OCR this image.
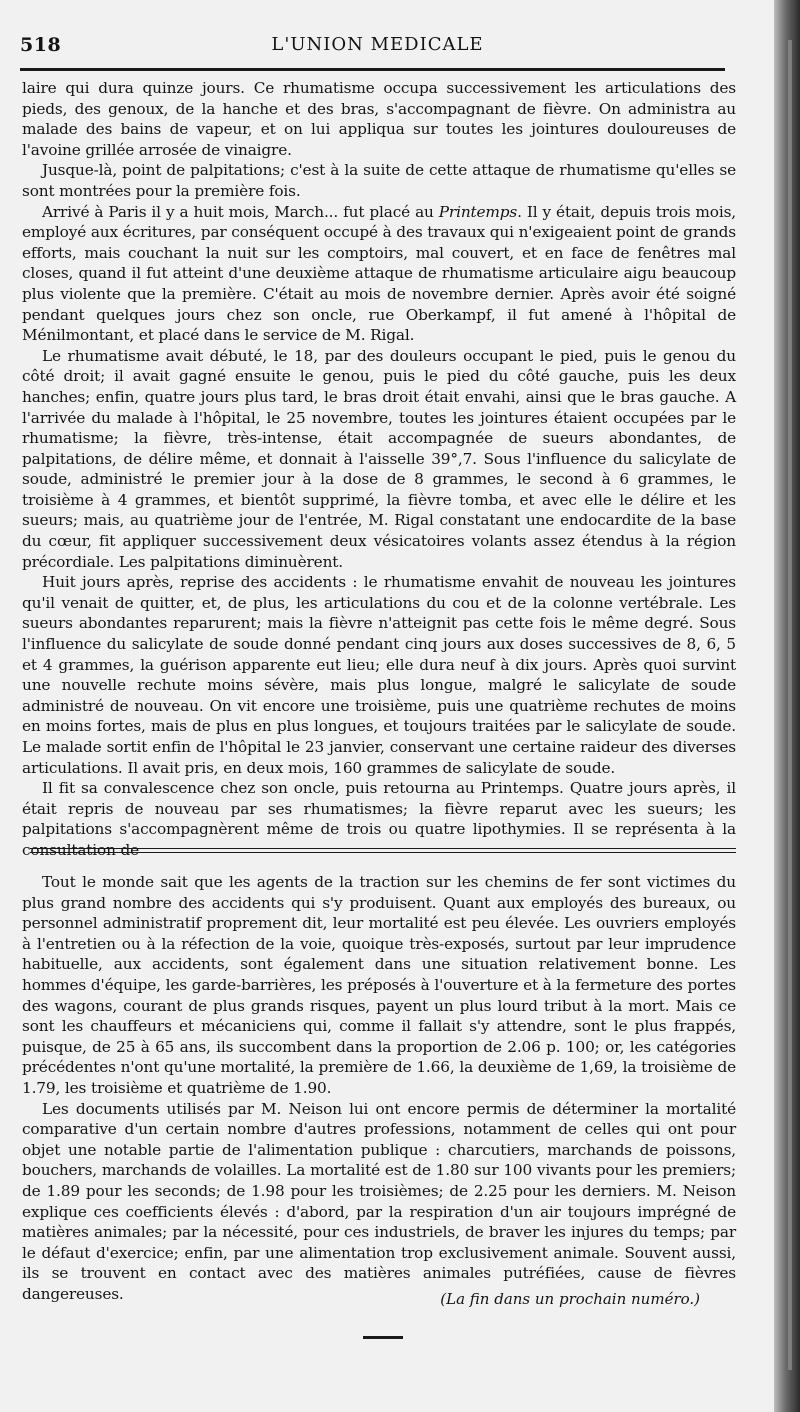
518	L'UNION MEDICALE

laire qui dura quinze jours. Ce rhumatisme occupa successivement les articulations des pieds, des genoux, de la hanche et des bras, s'accompagnant de fièvre. On administra au malade des bains de vapeur, et on lui appliqua sur toutes les jointures douloureuses de l'avoine grillée arrosée de vinaigre.

Jusque-là, point de palpitations; c'est à la suite de cette attaque de rhumatisme qu'elles se sont montrées pour la première fois.

Arrivé à Paris il y a huit mois, March... fut placé au Printemps. Il y était, depuis trois mois, employé aux écritures, par conséquent occupé à des travaux qui n'exigeaient point de grands efforts, mais couchant la nuit sur les comptoirs, mal couvert, et en face de fenêtres mal closes, quand il fut atteint d'une deuxième attaque de rhumatisme articulaire aigu beaucoup plus violente que la première. C'était au mois de novembre dernier. Après avoir été soigné pendant quelques jours chez son oncle, rue Oberkampf, il fut amené à l'hôpital de Ménilmontant, et placé dans le service de M. Rigal.

Le rhumatisme avait débuté, le 18, par des douleurs occupant le pied, puis le genou du côté droit; il avait gagné ensuite le genou, puis le pied du côté gauche, puis les deux hanches; enfin, quatre jours plus tard, le bras droit était envahi, ainsi que le bras gauche. A l'arrivée du malade à l'hôpital, le 25 novembre, toutes les jointures étaient occupées par le rhumatisme; la fièvre, très-intense, était accompagnée de sueurs abondantes, de palpitations, de délire même, et donnait à l'aisselle 39°,7. Sous l'influence du salicylate de soude, administré le premier jour à la dose de 8 grammes, le second à 6 grammes, le troisième à 4 grammes, et bientôt supprimé, la fièvre tomba, et avec elle le délire et les sueurs; mais, au quatrième jour de l'entrée, M. Rigal constatant une endocardite de la base du cœur, fit appliquer successivement deux vésicatoires volants assez étendus à la région précordiale. Les palpitations diminuèrent.

Huit jours après, reprise des accidents : le rhumatisme envahit de nouveau les jointures qu'il venait de quitter, et, de plus, les articulations du cou et de la colonne vertébrale. Les sueurs abondantes reparurent; mais la fièvre n'atteignit pas cette fois le même degré. Sous l'influence du salicylate de soude donné pendant cinq jours aux doses successives de 8, 6, 5 et 4 grammes, la guérison apparente eut lieu; elle dura neuf à dix jours. Après quoi survint une nouvelle rechute moins sévère, mais plus longue, malgré le salicylate de soude administré de nouveau. On vit encore une troisième, puis une quatrième rechutes de moins en moins fortes, mais de plus en plus longues, et toujours traitées par le salicylate de soude. Le malade sortit enfin de l'hôpital le 23 janvier, conservant une certaine raideur des diverses articulations. Il avait pris, en deux mois, 160 grammes de salicylate de soude.

Il fit sa convalescence chez son oncle, puis retourna au Printemps. Quatre jours après, il était repris de nouveau par ses rhumatismes; la fièvre reparut avec les sueurs; les palpitations s'accompagnèrent même de trois ou quatre lipothymies. Il se représenta à la consultation de

Tout le monde sait que les agents de la traction sur les chemins de fer sont victimes du plus grand nombre des accidents qui s'y produisent. Quant aux employés des bureaux, ou personnel administratif proprement dit, leur mortalité est peu élevée. Les ouvriers employés à l'entretien ou à la réfection de la voie, quoique très-exposés, surtout par leur imprudence habituelle, aux accidents, sont également dans une situation relativement bonne. Les hommes d'équipe, les garde-barrières, les préposés à l'ouverture et à la fermeture des portes des wagons, courant de plus grands risques, payent un plus lourd tribut à la mort. Mais ce sont les chauffeurs et mécaniciens qui, comme il fallait s'y attendre, sont le plus frappés, puisque, de 25 à 65 ans, ils succombent dans la proportion de 2.06 p. 100; or, les catégories précédentes n'ont qu'une mortalité, la première de 1.66, la deuxième de 1,69, la troisième de 1.79, les troisième et quatrième de 1.90.

Les documents utilisés par M. Neison lui ont encore permis de déterminer la mortalité comparative d'un certain nombre d'autres professions, notamment de celles qui ont pour objet une notable partie de l'alimentation publique : charcutiers, marchands de poissons, bouchers, marchands de volailles. La mortalité est de 1.80 sur 100 vivants pour les premiers; de 1.89 pour les seconds; de 1.98 pour les troisièmes; de 2.25 pour les derniers. M. Neison explique ces coefficients élevés : d'abord, par la respiration d'un air toujours imprégné de matières animales; par la nécessité, pour ces industriels, de braver les injures du temps; par le défaut d'exercice; enfin, par une alimentation trop exclusivement animale. Souvent aussi, ils se trouvent en contact avec des matières animales putréfiées, cause de fièvres dangereuses.	(La fin dans un prochain numéro.)
